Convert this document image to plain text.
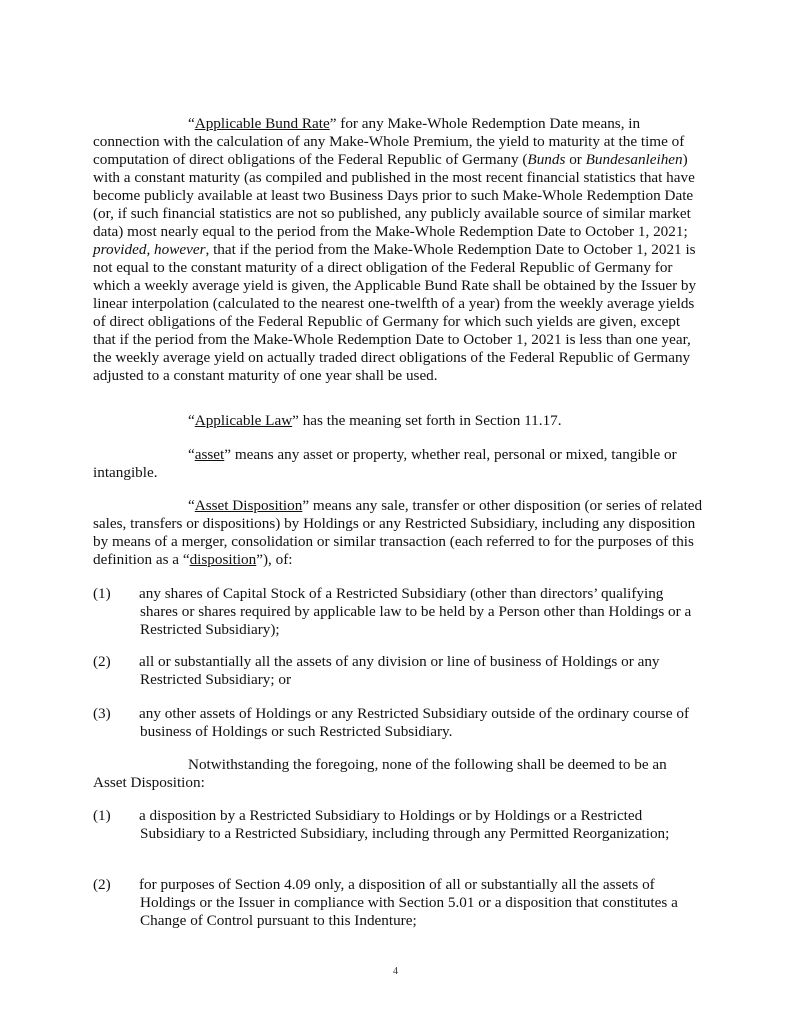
“Applicable Bund Rate” for any Make-Whole Redemption Date means, in connection with the calculation of any Make-Whole Premium, the yield to maturity at the time of computation of direct obligations of the Federal Republic of Germany (Bunds or Bundesanleihen) with a constant maturity (as compiled and published in the most recent financial statistics that have become publicly available at least two Business Days prior to such Make-Whole Redemption Date (or, if such financial statistics are not so published, any publicly available source of similar market data) most nearly equal to the period from the Make-Whole Redemption Date to October 1, 2021; provided, however, that if the period from the Make-Whole Redemption Date to October 1, 2021 is not equal to the constant maturity of a direct obligation of the Federal Republic of Germany for which a weekly average yield is given, the Applicable Bund Rate shall be obtained by the Issuer by linear interpolation (calculated to the nearest one-twelfth of a year) from the weekly average yields of direct obligations of the Federal Republic of Germany for which such yields are given, except that if the period from the Make-Whole Redemption Date to October 1, 2021 is less than one year, the weekly average yield on actually traded direct obligations of the Federal Republic of Germany adjusted to a constant maturity of one year shall be used.

“Applicable Law” has the meaning set forth in Section 11.17.

“asset” means any asset or property, whether real, personal or mixed, tangible or intangible.

“Asset Disposition” means any sale, transfer or other disposition (or series of related sales, transfers or dispositions) by Holdings or any Restricted Subsidiary, including any disposition by means of a merger, consolidation or similar transaction (each referred to for the purposes of this definition as a “disposition”), of:

(1) any shares of Capital Stock of a Restricted Subsidiary (other than directors’ qualifying shares or shares required by applicable law to be held by a Person other than Holdings or a Restricted Subsidiary);

(2) all or substantially all the assets of any division or line of business of Holdings or any Restricted Subsidiary; or

(3) any other assets of Holdings or any Restricted Subsidiary outside of the ordinary course of business of Holdings or such Restricted Subsidiary.

Notwithstanding the foregoing, none of the following shall be deemed to be an Asset Disposition:

(1) a disposition by a Restricted Subsidiary to Holdings or by Holdings or a Restricted Subsidiary to a Restricted Subsidiary, including through any Permitted Reorganization;

(2) for purposes of Section 4.09 only, a disposition of all or substantially all the assets of Holdings or the Issuer in compliance with Section 5.01 or a disposition that constitutes a Change of Control pursuant to this Indenture;

4
